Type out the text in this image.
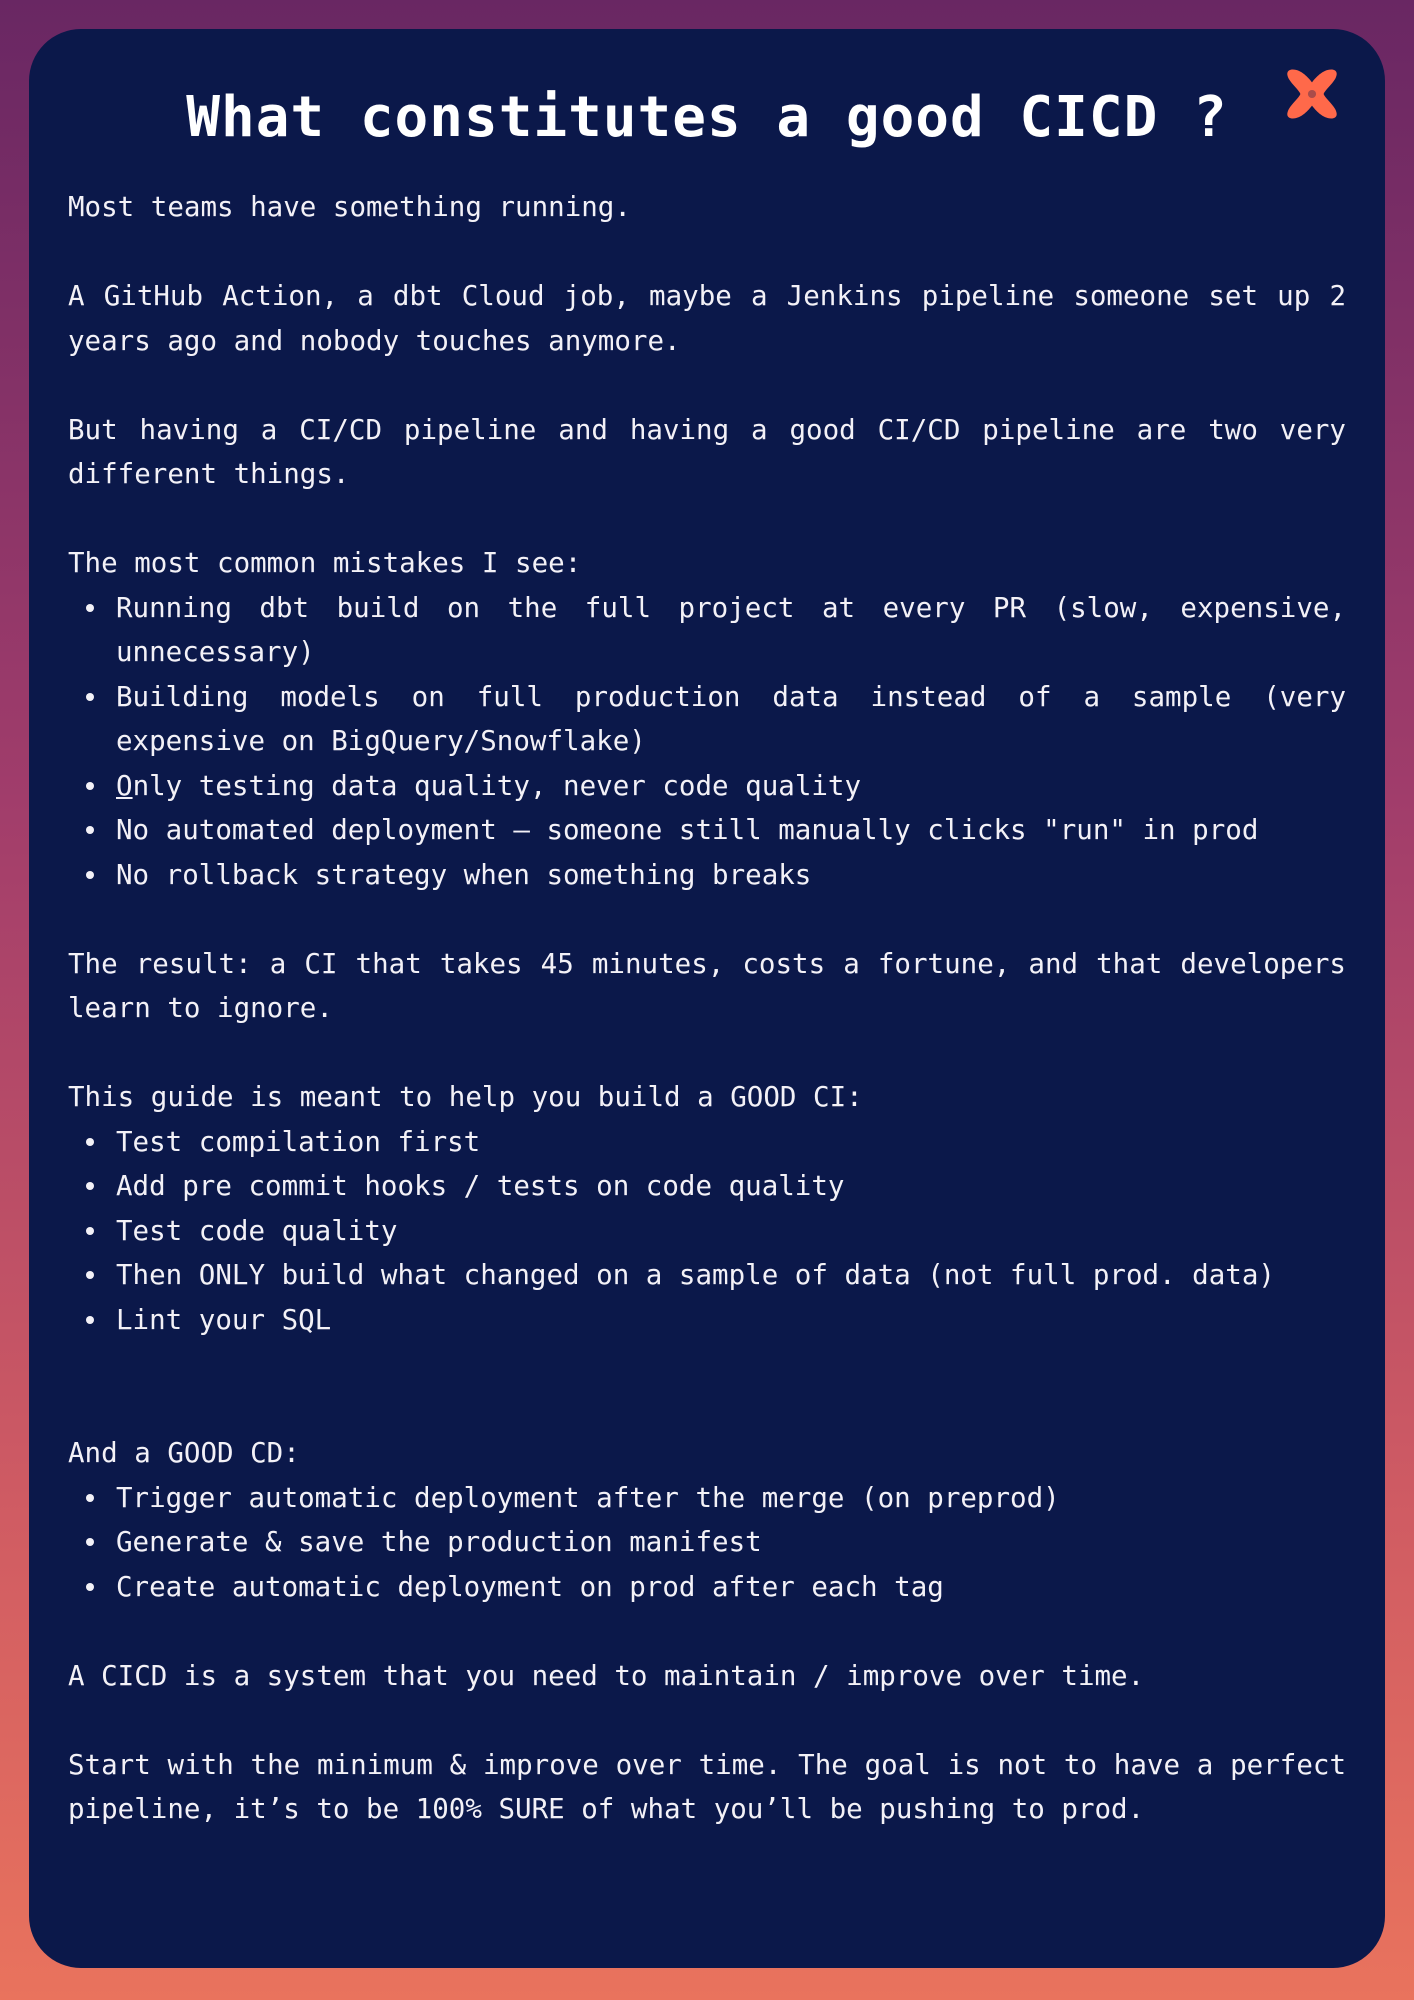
What constitutes a good CICD ?

Most teams have something running.

A GitHub Action, a dbt Cloud job, maybe a Jenkins pipeline someone set up 2 years ago and nobody touches anymore.

But having a CI/CD pipeline and having a good CI/CD pipeline are two very different things.

The most common mistakes I see:

Running dbt build on the full project at every PR (slow, expensive, unnecessary)
Building models on full production data instead of a sample (very expensive on BigQuery/Snowflake)
Only testing data quality, never code quality
No automated deployment — someone still manually clicks "run" in prod
No rollback strategy when something breaks

The result: a CI that takes 45 minutes, costs a fortune, and that developers learn to ignore.

This guide is meant to help you build a GOOD CI:

Test compilation first
Add pre commit hooks / tests on code quality
Test code quality
Then ONLY build what changed on a sample of data (not full prod. data)
Lint your SQL

And a GOOD CD:

Trigger automatic deployment after the merge (on preprod)
Generate & save the production manifest
Create automatic deployment on prod after each tag

A CICD is a system that you need to maintain / improve over time.

Start with the minimum & improve over time. The goal is not to have a perfect pipeline, it’s to be 100% SURE of what you’ll be pushing to prod.
